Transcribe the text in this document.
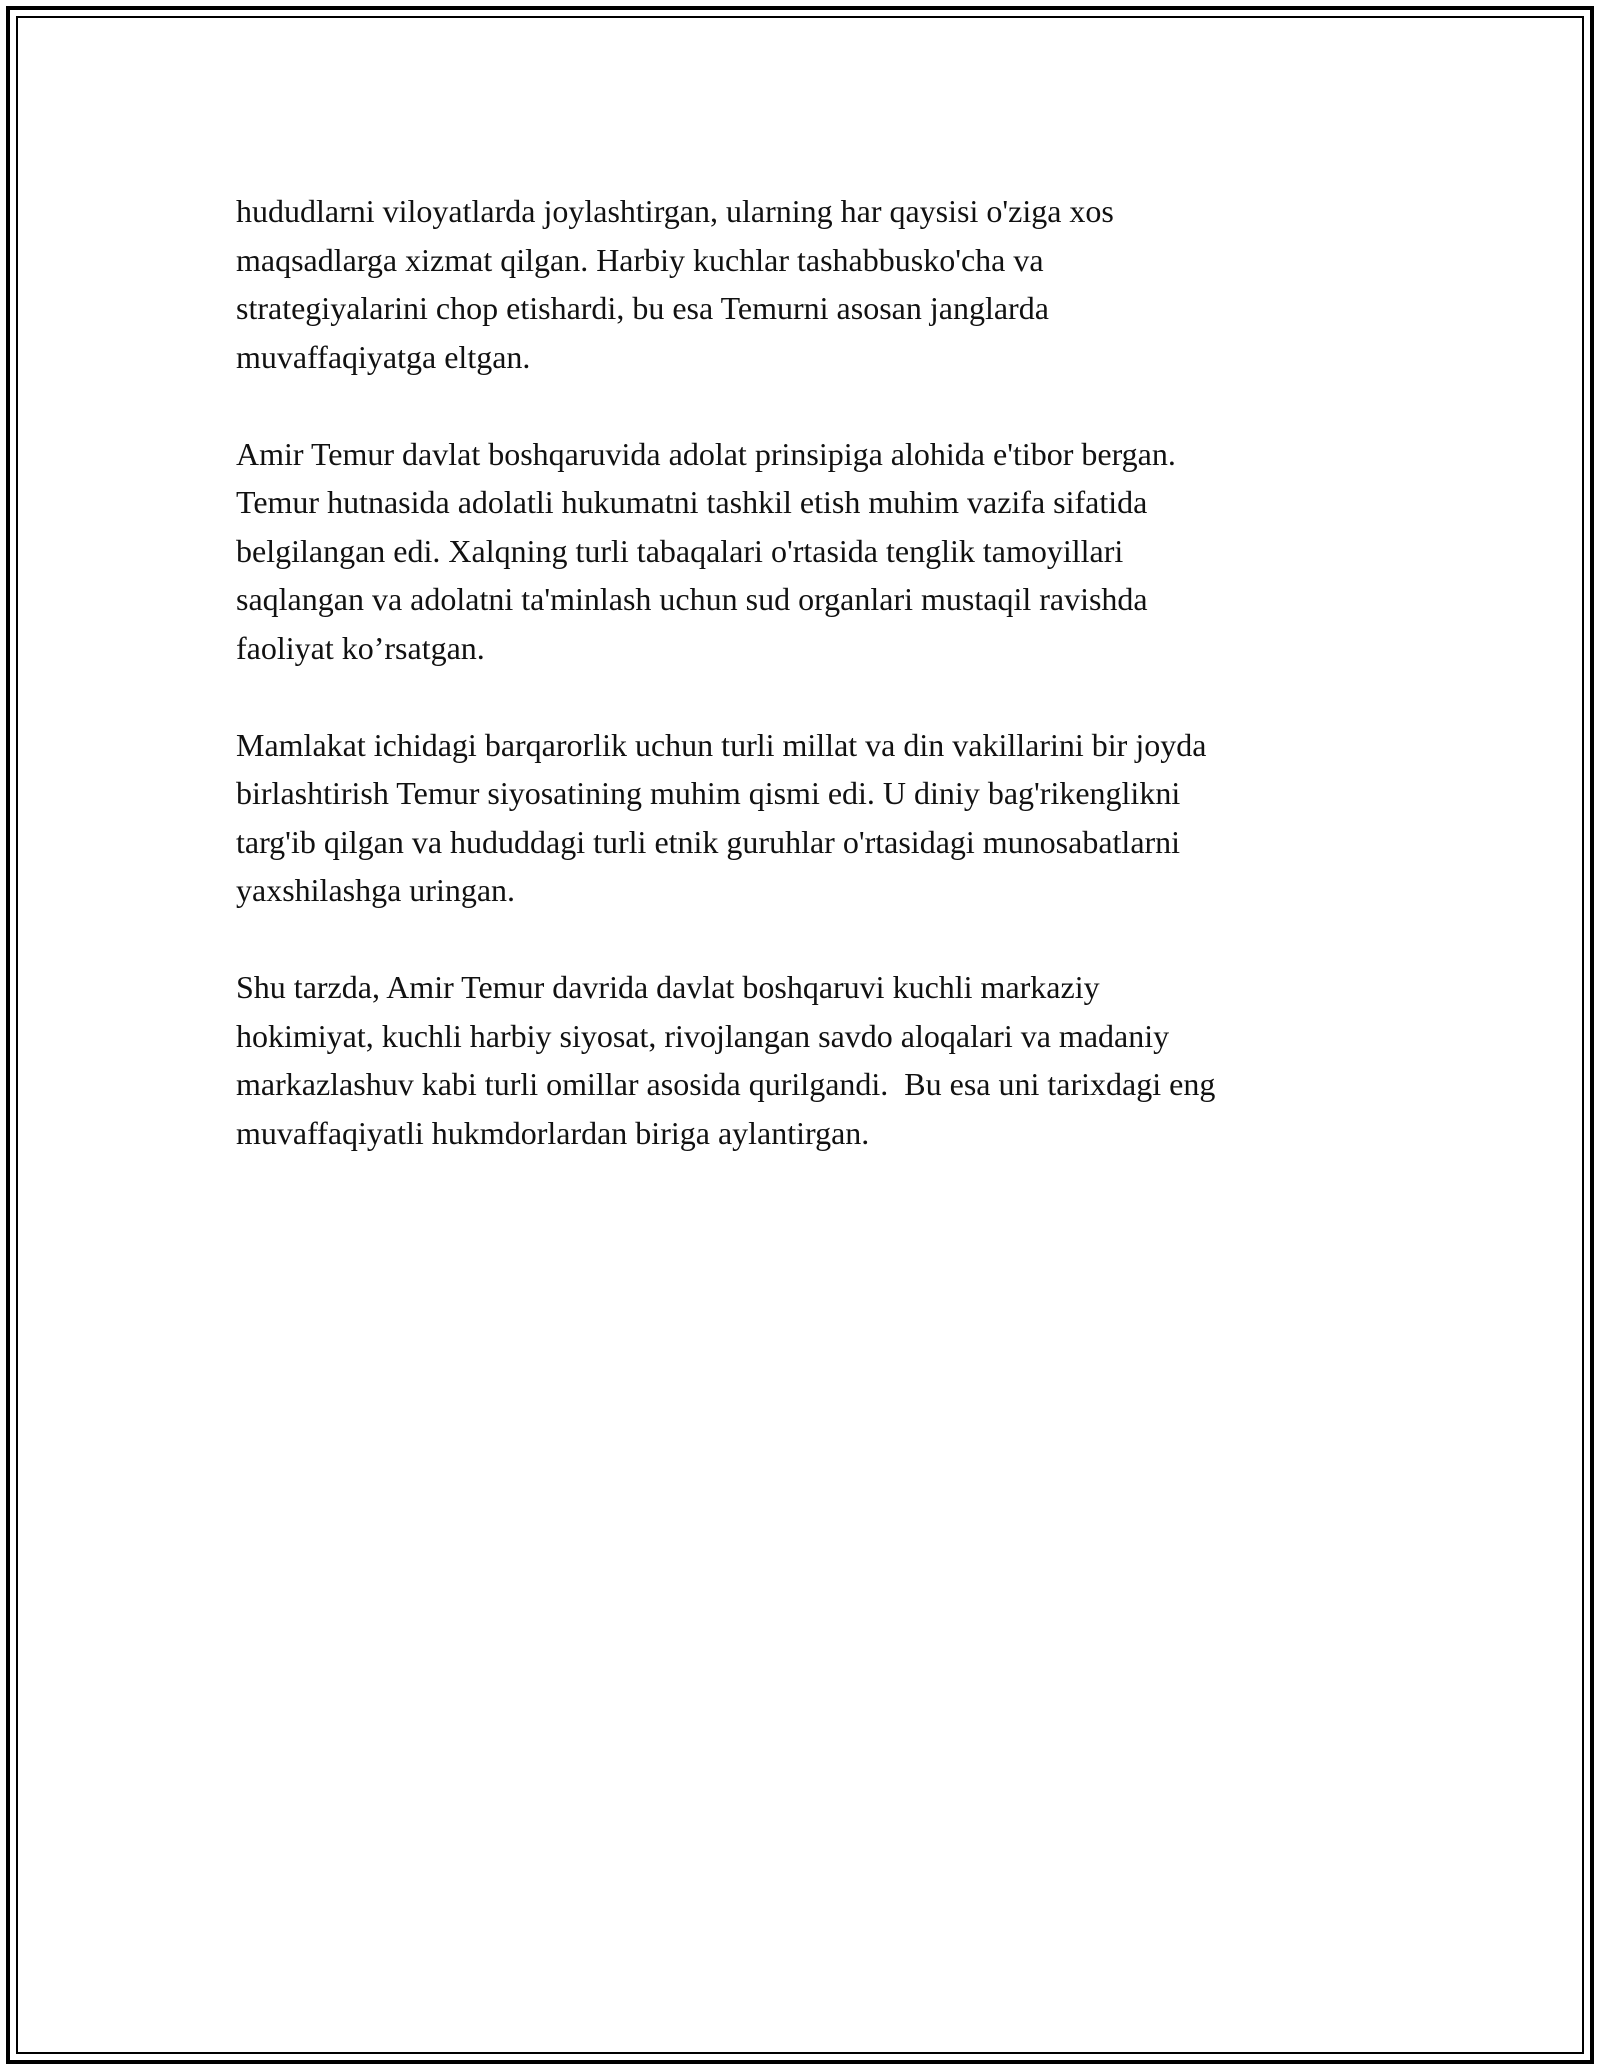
hududlarni viloyatlarda joylashtirgan, ularning har qaysisi o'ziga xos
maqsadlarga xizmat qilgan. Harbiy kuchlar tashabbusko'cha va
strategiyalarini chop etishardi, bu esa Temurni asosan janglarda
muvaffaqiyatga eltgan.

Amir Temur davlat boshqaruvida adolat prinsipiga alohida e'tibor bergan.
Temur hutnasida adolatli hukumatni tashkil etish muhim vazifa sifatida
belgilangan edi. Xalqning turli tabaqalari o'rtasida tenglik tamoyillari
saqlangan va adolatni ta'minlash uchun sud organlari mustaqil ravishda
faoliyat ko’rsatgan.

Mamlakat ichidagi barqarorlik uchun turli millat va din vakillarini bir joyda
birlashtirish Temur siyosatining muhim qismi edi. U diniy bag'rikenglikni
targ'ib qilgan va hududdagi turli etnik guruhlar o'rtasidagi munosabatlarni
yaxshilashga uringan.

Shu tarzda, Amir Temur davrida davlat boshqaruvi kuchli markaziy
hokimiyat, kuchli harbiy siyosat, rivojlangan savdo aloqalari va madaniy
markazlashuv kabi turli omillar asosida qurilgandi.  Bu esa uni tarixdagi eng
muvaffaqiyatli hukmdorlardan biriga aylantirgan.
